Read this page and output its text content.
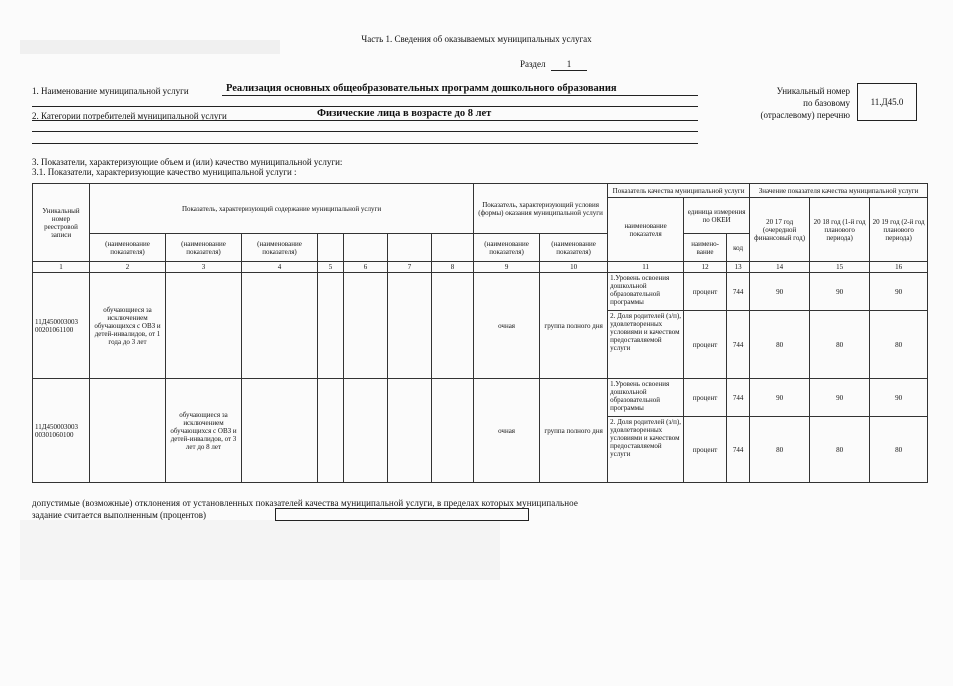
Часть 1. Сведения об оказываемых муниципальных услугах
Раздел	1
1. Наименование муниципальной услуги	Реализация основных общеобразовательных программ дошкольного образования
2. Категории потребителей муниципальной услуги	Физические лица в возрасте до 8 лет
Уникальный номер
по базовому
(отраслевому) перечню
11.Д45.0
3. Показатели, характеризующие объем и (или) качество муниципальной услуги:
3.1. Показатели, характеризующие качество муниципальной услуги :
Уникальный номер реестровой записи	Показатель, характеризующий содержание муниципальной услуги							Показатель, характеризующий условия (формы) оказания муниципальной услуги		Показатель качества муниципальной услуги			Значение показателя качества муниципальной услуги		
										наименование показателя	единица измерения по ОКЕИ		20 17 год (очередной финансовый год)	20 18 год (1-й год планового периода)	20 19 год (2-й год планового периода)
	(наименование показателя)	(наименование показателя)	(наименование показателя)					(наименование показателя)	(наименование показателя)		наимено-вание	код			
1	2	3	4	5	6	7	8	9	10	11	12	13	14	15	16
11Д450003003 00201061100	обучающиеся за исключением обучающихся с ОВЗ и детей-инвалидов, от 1 года до 3 лет							очная	группа полного дня	1.Уровень освоения дошкольной образовательной программы	процент	744	90	90	90
										2. Доля родителей (з/п), удовлетворенных условиями и качеством предоставляемой услуги	процент	744	80	80	80
11Д450003003 00301060100		обучающиеся за исключением обучающихся с ОВЗ и детей-инвалидов, от 3 лет до 8 лет						очная	группа полного дня	1.Уровень освоения дошкольной образовательной программы	процент	744	90	90	90
										2. Доля родителей (з/п), удовлетворенных условиями и качеством предоставляемой услуги	процент	744	80	80	80
допустимые (возможные) отклонения от установленных показателей качества муниципальной услуги, в пределах которых муниципальное
задание считается выполненным (процентов)
